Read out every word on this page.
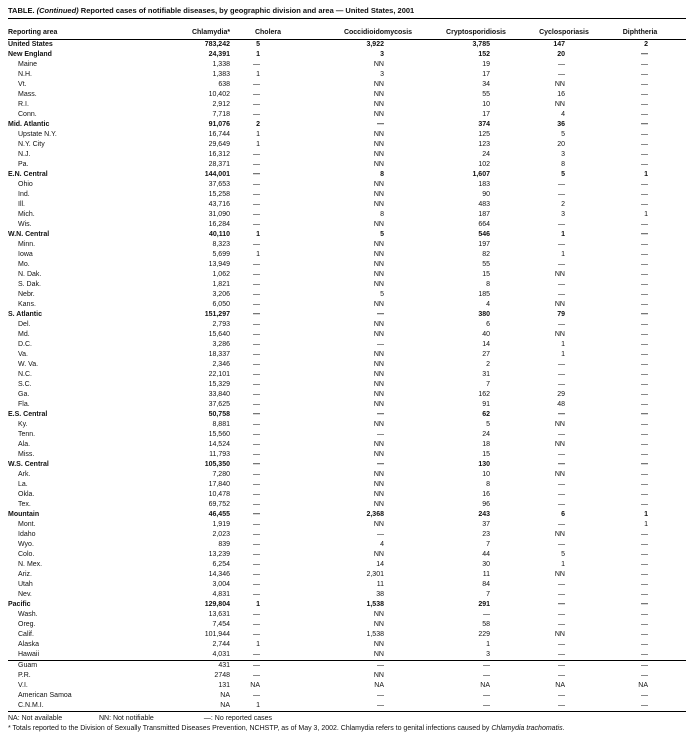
TABLE. (Continued) Reported cases of notifiable diseases, by geographic division and area — United States, 2001
Reporting area	Chlamydia*	Cholera	Coccidioidomycosis	Cryptosporidiosis	Cyclosporiasis	Diphtheria
United States	783,242	5	3,922	3,785	147	2
New England	24,391	1	3	152	20	—
Maine	1,338	—	NN	19	—	—
N.H.	1,383	1	3	17	—	—
Vt.	638	—	NN	34	NN	—
Mass.	10,402	—	NN	55	16	—
R.I.	2,912	—	NN	10	NN	—
Conn.	7,718	—	NN	17	4	—
Mid. Atlantic	91,076	2	—	374	36	—
Upstate N.Y.	16,744	1	NN	125	5	—
N.Y. City	29,649	1	NN	123	20	—
N.J.	16,312	—	NN	24	3	—
Pa.	28,371	—	NN	102	8	—
E.N. Central	144,001	—	8	1,607	5	1
Ohio	37,653	—	NN	183	—	—
Ind.	15,258	—	NN	90	—	—
Ill.	43,716	—	NN	483	2	—
Mich.	31,090	—	8	187	3	1
Wis.	16,284	—	NN	664	—	—
W.N. Central	40,110	1	5	546	1	—
Minn.	8,323	—	NN	197	—	—
Iowa	5,699	1	NN	82	1	—
Mo.	13,949	—	NN	55	—	—
N. Dak.	1,062	—	NN	15	NN	—
S. Dak.	1,821	—	NN	8	—	—
Nebr.	3,206	—	5	185	—	—
Kans.	6,050	—	NN	4	NN	—
S. Atlantic	151,297	—	—	380	79	—
Del.	2,793	—	NN	6	—	—
Md.	15,640	—	NN	40	NN	—
D.C.	3,286	—	—	14	1	—
Va.	18,337	—	NN	27	1	—
W. Va.	2,346	—	NN	2	—	—
N.C.	22,101	—	NN	31	—	—
S.C.	15,329	—	NN	7	—	—
Ga.	33,840	—	NN	162	29	—
Fla.	37,625	—	NN	91	48	—
E.S. Central	50,758	—	—	62	—	—
Ky.	8,881	—	NN	5	NN	—
Tenn.	15,560	—	—	24	—	—
Ala.	14,524	—	NN	18	NN	—
Miss.	11,793	—	NN	15	—	—
W.S. Central	105,350	—	—	130	—	—
Ark.	7,280	—	NN	10	NN	—
La.	17,840	—	NN	8	—	—
Okla.	10,478	—	NN	16	—	—
Tex.	69,752	—	NN	96	—	—
Mountain	46,455	—	2,368	243	6	1
Mont.	1,919	—	NN	37	—	1
Idaho	2,023	—	—	23	NN	—
Wyo.	839	—	4	7	—	—
Colo.	13,239	—	NN	44	5	—
N. Mex.	6,254	—	14	30	1	—
Ariz.	14,346	—	2,301	11	NN	—
Utah	3,004	—	11	84	—	—
Nev.	4,831	—	38	7	—	—
Pacific	129,804	1	1,538	291	—	—
Wash.	13,631	—	NN	—	—	—
Oreg.	7,454	—	NN	58	—	—
Calif.	101,944	—	1,538	229	NN	—
Alaska	2,744	1	NN	1	—	—
Hawaii	4,031	—	NN	3	—	—
Guam	431	—	—	—	—	—
P.R.	2748	—	NN	—	—	—
V.I.	131	NA	NA	NA	NA	NA
American Samoa	NA	—	—	—	—	—
C.N.M.I.	NA	1	—	—	—	—
NA: Not available	NN: Not notifiable	—: No reported cases
* Totals reported to the Division of Sexually Transmitted Diseases Prevention, NCHSTP, as of May 3, 2002. Chlamydia refers to genital infections caused by Chlamydia trachomatis.
